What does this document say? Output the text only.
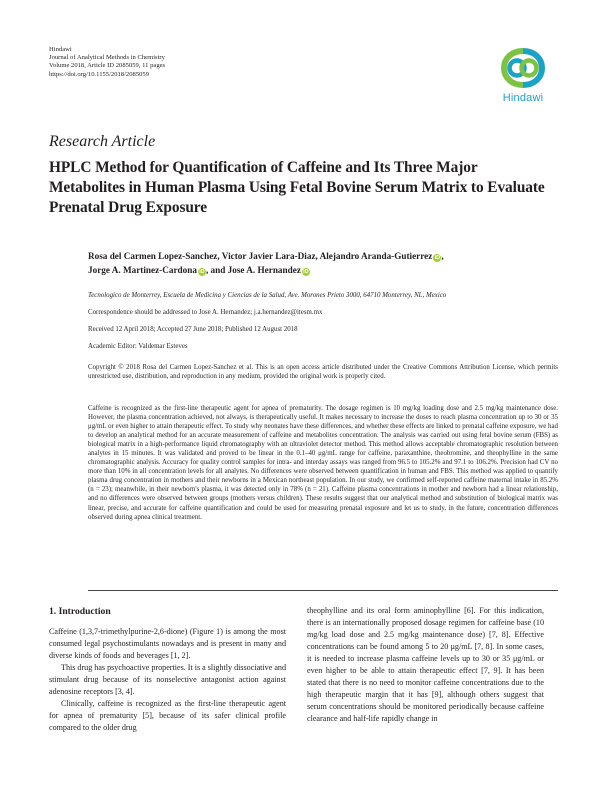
Hindawi
Journal of Analytical Methods in Chemistry
Volume 2018, Article ID 2085059, 11 pages
https://doi.org/10.1155/2018/2085059
Hindawi
Research Article
HPLC Method for Quantification of Caffeine and Its Three Major Metabolites in Human Plasma Using Fetal Bovine Serum Matrix to Evaluate Prenatal Drug Exposure
Rosa del Carmen Lopez-Sanchez, Victor Javier Lara-Diaz, Alejandro Aranda-Gutierrez iD,
Jorge A. Martinez-Cardona iD, and Jose A. Hernandez iD
Tecnologico de Monterrey, Escuela de Medicina y Ciencias de la Salud, Ave. Morones Prieto 3000, 64710 Monterrey, NL, Mexico
Correspondence should be addressed to Jose A. Hernandez; j.a.hernandez@itesm.mx
Received 12 April 2018; Accepted 27 June 2018; Published 12 August 2018
Academic Editor: Valdemar Esteves
Copyright © 2018 Rosa del Carmen Lopez-Sanchez et al. This is an open access article distributed under the Creative Commons Attribution License, which permits unrestricted use, distribution, and reproduction in any medium, provided the original work is properly cited.
Caffeine is recognized as the first-line therapeutic agent for apnea of prematurity. The dosage regimen is 10 mg/kg loading dose and 2.5 mg/kg maintenance dose. However, the plasma concentration achieved, not always, is therapeutically useful. It makes necessary to increase the doses to reach plasma concentration up to 30 or 35 μg/mL or even higher to attain therapeutic effect. To study why neonates have these differences, and whether these effects are linked to prenatal caffeine exposure, we had to develop an analytical method for an accurate measurement of caffeine and metabolites concentration. The analysis was carried out using fetal bovine serum (FBS) as biological matrix in a high-performance liquid chromatography with an ultraviolet detector method. This method allows acceptable chromatographic resolution between analytes in 15 minutes. It was validated and proved to be linear in the 0.1–40 μg/mL range for caffeine, paraxanthine, theobromine, and theophylline in the same chromatographic analysis. Accuracy for quality control samples for intra- and interday assays was ranged from 96.5 to 105.2% and 97.1 to 106.2%. Precision had CV no more than 10% in all concentration levels for all analytes. No differences were observed between quantification in human and FBS. This method was applied to quantify plasma drug concentration in mothers and their newborns in a Mexican northeast population. In our study, we confirmed self-reported caffeine maternal intake in 85.2% (n = 23); meanwhile, in their newborn's plasma, it was detected only in 78% (n = 21). Caffeine plasma concentrations in mother and newborn had a linear relationship, and no differences were observed between groups (mothers versus children). These results suggest that our analytical method and substitution of biological matrix was linear, precise, and accurate for caffeine quantification and could be used for measuring prenatal exposure and let us to study, in the future, concentration differences observed during apnea clinical treatment.
1. Introduction

Caffeine (1,3,7-trimethylpurine-2,6-dione) (Figure 1) is among the most consumed legal psychostimulants nowadays and is present in many and diverse kinds of foods and beverages [1, 2].

This drug has psychoactive properties. It is a slightly dissociative and stimulant drug because of its nonselective antagonist action against adenosine receptors [3, 4].

Clinically, caffeine is recognized as the first-line therapeutic agent for apnea of prematurity [5], because of its safer clinical profile compared to the older drug

theophylline and its oral form aminophylline [6]. For this indication, there is an internationally proposed dosage regimen for caffeine base (10 mg/kg load dose and 2.5 mg/kg maintenance dose) [7, 8]. Effective concentrations can be found among 5 to 20 μg/mL [7, 8]. In some cases, it is needed to increase plasma caffeine levels up to 30 or 35 μg/mL or even higher to be able to attain therapeutic effect [7, 9]. It has been stated that there is no need to monitor caffeine concentrations due to the high therapeutic margin that it has [9], although others suggest that serum concentrations should be monitored periodically because caffeine clearance and half-life rapidly change in
